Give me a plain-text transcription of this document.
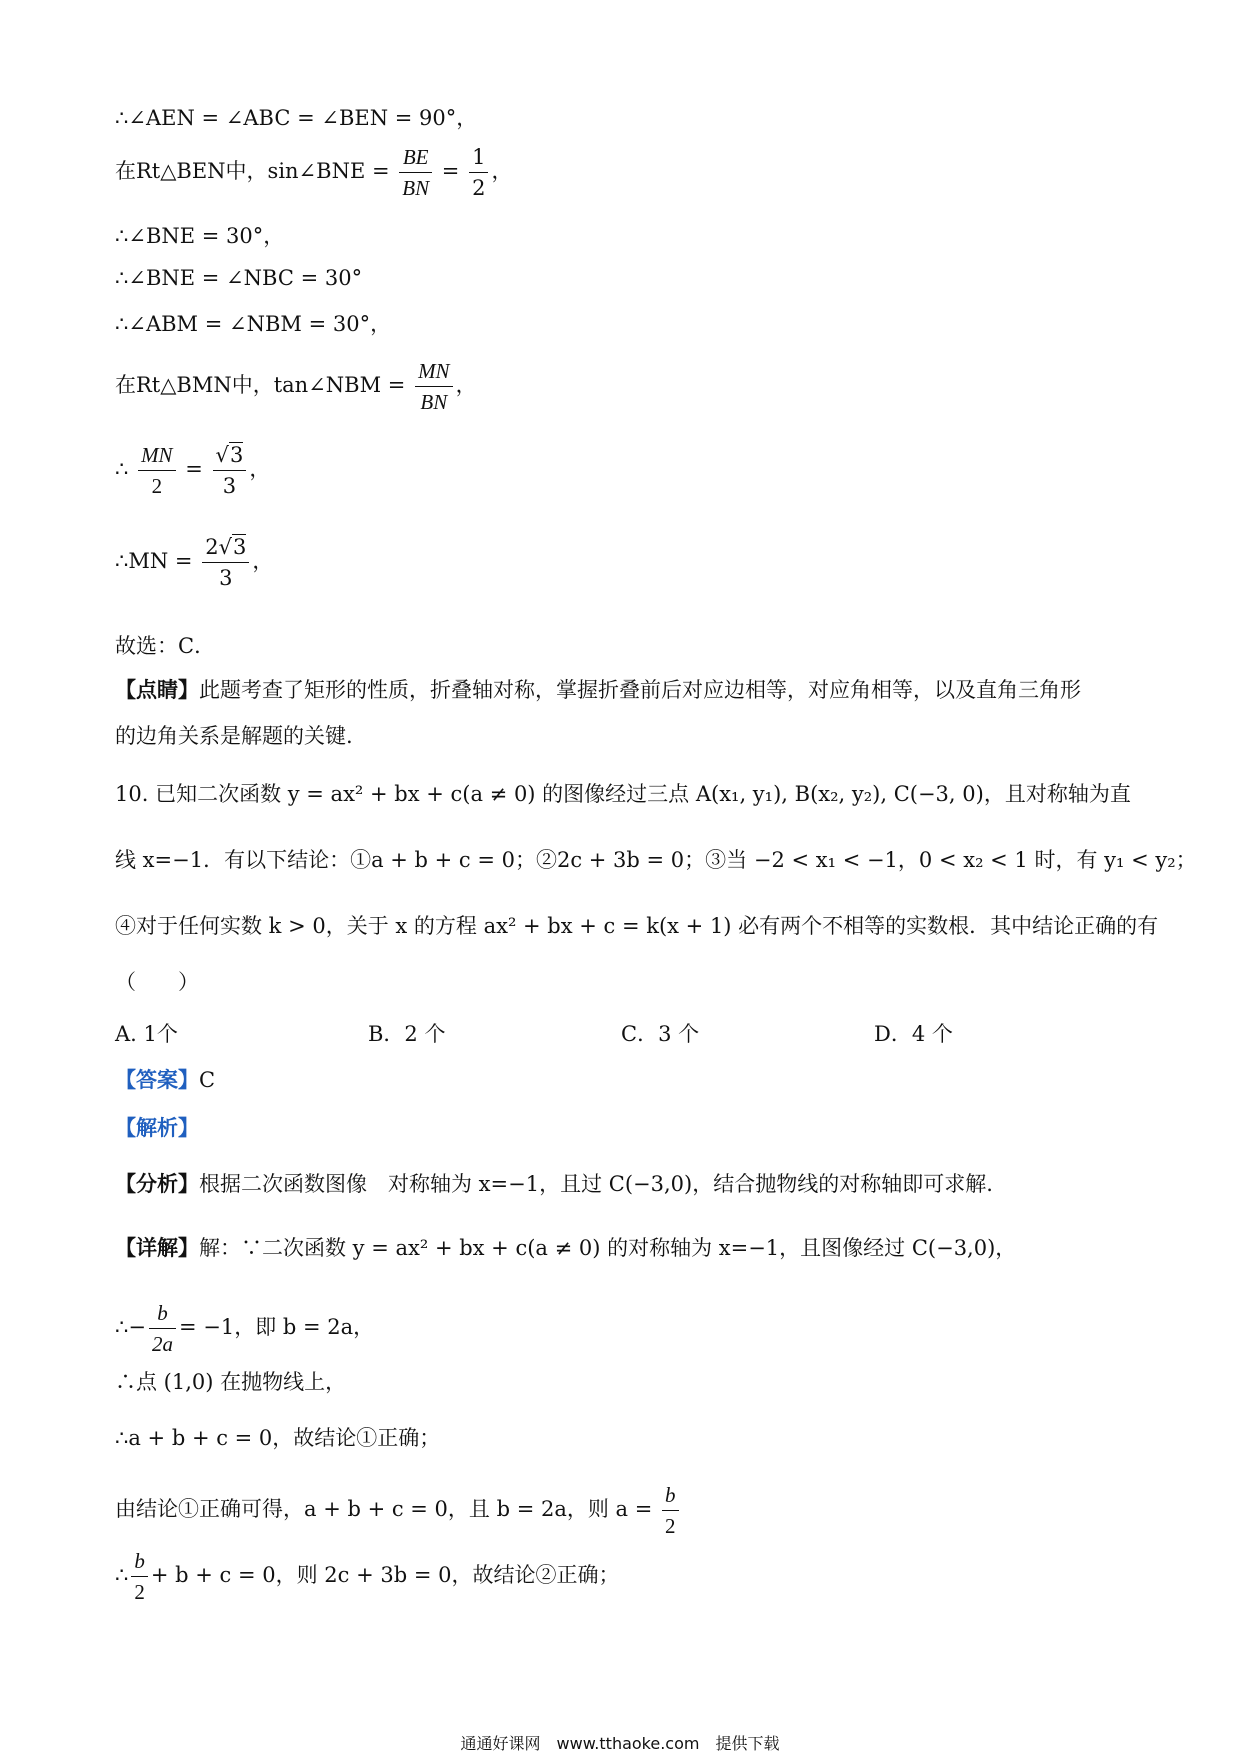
∴∠AEN = ∠ABC = ∠BEN = 90°，
在Rt△BEN中，sin∠BNE = $\frac{BE}{BN} = \frac{1}{2}$ ，
∴∠BNE = 30°，
∴∠BNE = ∠NBC = 30°
∴∠ABM = ∠NBM = 30°，
在Rt△BMN中，tan∠NBM = $\frac{MN}{BN}$ ，
∴ $\frac{MN}{2} = \frac{√3}{3}$ ，
∴MN = $\frac{2√3}{3}$ ，
故选：C．
【点睛】此题考查了矩形的性质，折叠轴对称，掌握折叠前后对应边相等，对应角相等，以及直角三角形
的边角关系是解题的关键.
10. 已知二次函数 y = ax² + bx + c(a ≠ 0) 的图像经过三点 A(x₁, y₁), B(x₂, y₂), C(−3, 0)，且对称轴为直
线 x=−1．有以下结论：①a + b + c = 0；②2c + 3b = 0；③当 −2 < x₁ < −1，0 < x₂ < 1 时，有 y₁ < y₂；
④对于任何实数 k > 0，关于 x 的方程 ax² + bx + c = k(x + 1) 必有两个不相等的实数根．其中结论正确的有
（　　）
A. 1个	B．2 个	C．3 个	D．4 个
【答案】C
【解析】
【分析】根据二次函数图像　对称轴为 x=−1，且过 C(−3,0)，结合抛物线的对称轴即可求解.
【详解】解：∵二次函数 y = ax² + bx + c(a ≠ 0) 的对称轴为 x=−1，且图像经过 C(−3,0)，
∴− $\frac{b}{2a} = -1$，即 b = 2a，
∴点 (1,0) 在抛物线上，
∴a + b + c = 0，故结论①正确；
由结论①正确可得，a + b + c = 0，且 b = 2a，则 $a = \frac{b}{2}$
∴ $\frac{b}{2} + b + c = 0$，则 2c + 3b = 0，故结论②正确；
通通好课网　www.tthaoke.com　提供下载
